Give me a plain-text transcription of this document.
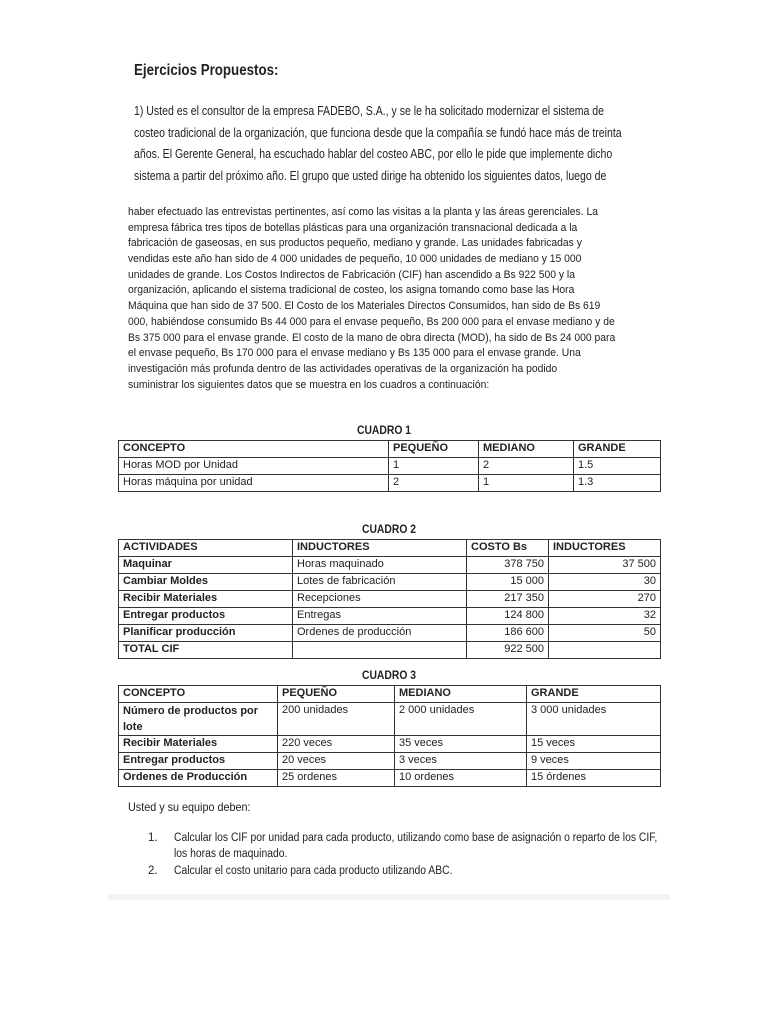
Ejercicios Propuestos:
1) Usted es el consultor de la empresa FADEBO, S.A., y se le ha solicitado modernizar el sistema de
costeo tradicional de la organización, que funciona desde que la compañía se fundó hace más de treinta
años. El Gerente General, ha escuchado hablar del costeo ABC, por ello le pide que implemente dicho
sistema a partir del próximo año. El grupo que usted dirige ha obtenido los siguientes datos, luego de
haber efectuado las entrevistas pertinentes, así como las visitas a la planta y las áreas gerenciales. La
empresa fábrica tres tipos de botellas plásticas para una organización transnacional dedicada a la
fabricación de gaseosas, en sus productos pequeño, mediano y grande. Las unidades fabricadas y
vendidas este año han sido de 4 000 unidades de pequeño, 10 000 unidades de mediano y 15 000
unidades de grande. Los Costos Indirectos de Fabricación (CIF) han ascendido a Bs 922 500 y la
organización, aplicando el sistema tradicional de costeo, los asigna tomando como base las Hora
Máquina que han sido de 37 500. El Costo de los Materiales Directos Consumidos, han sido de Bs 619
000, habiéndose consumido Bs 44 000 para el envase pequeño, Bs 200 000 para el envase mediano y de
Bs 375 000 para el envase grande. El costo de la mano de obra directa (MOD), ha sido de Bs 24 000 para
el envase pequeño, Bs 170 000 para el envase mediano y Bs 135 000 para el envase grande. Una
investigación más profunda dentro de las actividades operativas de la organización ha podido
suministrar los siguientes datos que se muestra en los cuadros a continuación:
CUADRO 1
CONCEPTO	PEQUEÑO	MEDIANO	GRANDE
Horas MOD por Unidad	1	2	1.5
Horas máquina por unidad	2	1	1.3
CUADRO 2
ACTIVIDADES	INDUCTORES	COSTO Bs	INDUCTORES
Maquinar	Horas maquinado	378 750	37 500
Cambiar Moldes	Lotes de fabricación	15 000	30
Recibir Materiales	Recepciones	217 350	270
Entregar productos	Entregas	124 800	32
Planificar producción	Ordenes de producción	186 600	50
TOTAL CIF		922 500	
CUADRO 3
CONCEPTO	PEQUEÑO	MEDIANO	GRANDE
Número de productos por lote	200 unidades	2 000 unidades	3 000 unidades
Recibir Materiales	220 veces	35 veces	15 veces
Entregar productos	20 veces	3 veces	9 veces
Ordenes de Producción	25 ordenes	10 ordenes	15 órdenes
Usted y su equipo deben:
1. Calcular los CIF por unidad para cada producto, utilizando como base de asignación o reparto de los CIF, los horas de maquinado.
2. Calcular el costo unitario para cada producto utilizando ABC.
